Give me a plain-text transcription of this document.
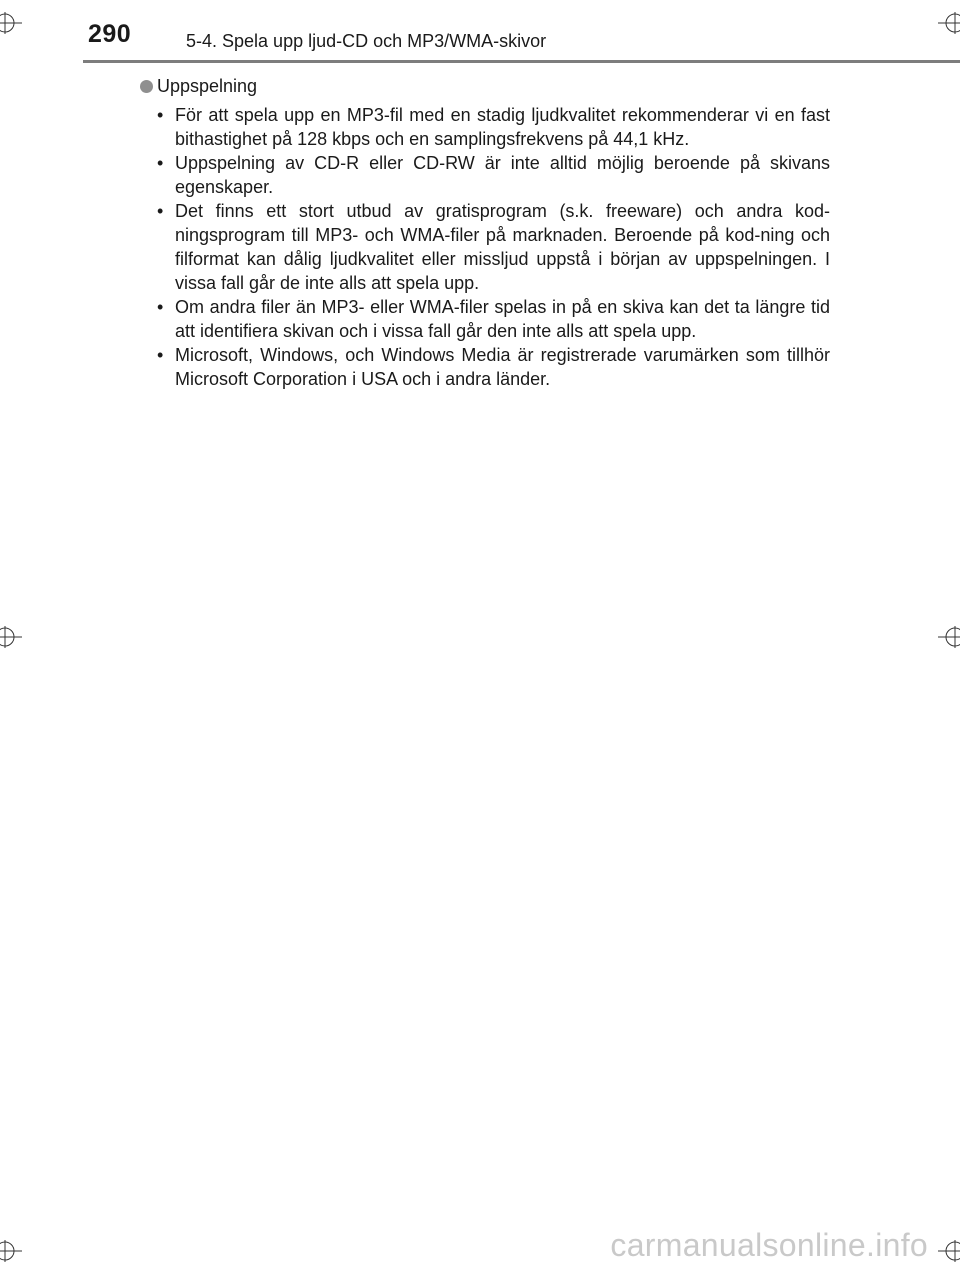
290	5-4. Spela upp ljud-CD och MP3/WMA-skivor
Uppspelning
• För att spela upp en MP3-fil med en stadig ljudkvalitet rekommenderar vi en fast bithastighet på 128 kbps och en samplingsfrekvens på 44,1 kHz.
• Uppspelning av CD-R eller CD-RW är inte alltid möjlig beroende på skivans egenskaper.
• Det finns ett stort utbud av gratisprogram (s.k. freeware) och andra kod-ningsprogram till MP3- och WMA-filer på marknaden. Beroende på kod-ning och filformat kan dålig ljudkvalitet eller missljud uppstå i början av uppspelningen. I vissa fall går de inte alls att spela upp.
• Om andra filer än MP3- eller WMA-filer spelas in på en skiva kan det ta längre tid att identifiera skivan och i vissa fall går den inte alls att spela upp.
• Microsoft, Windows, och Windows Media är registrerade varumärken som tillhör Microsoft Corporation i USA och i andra länder.
carmanualsonline.info
